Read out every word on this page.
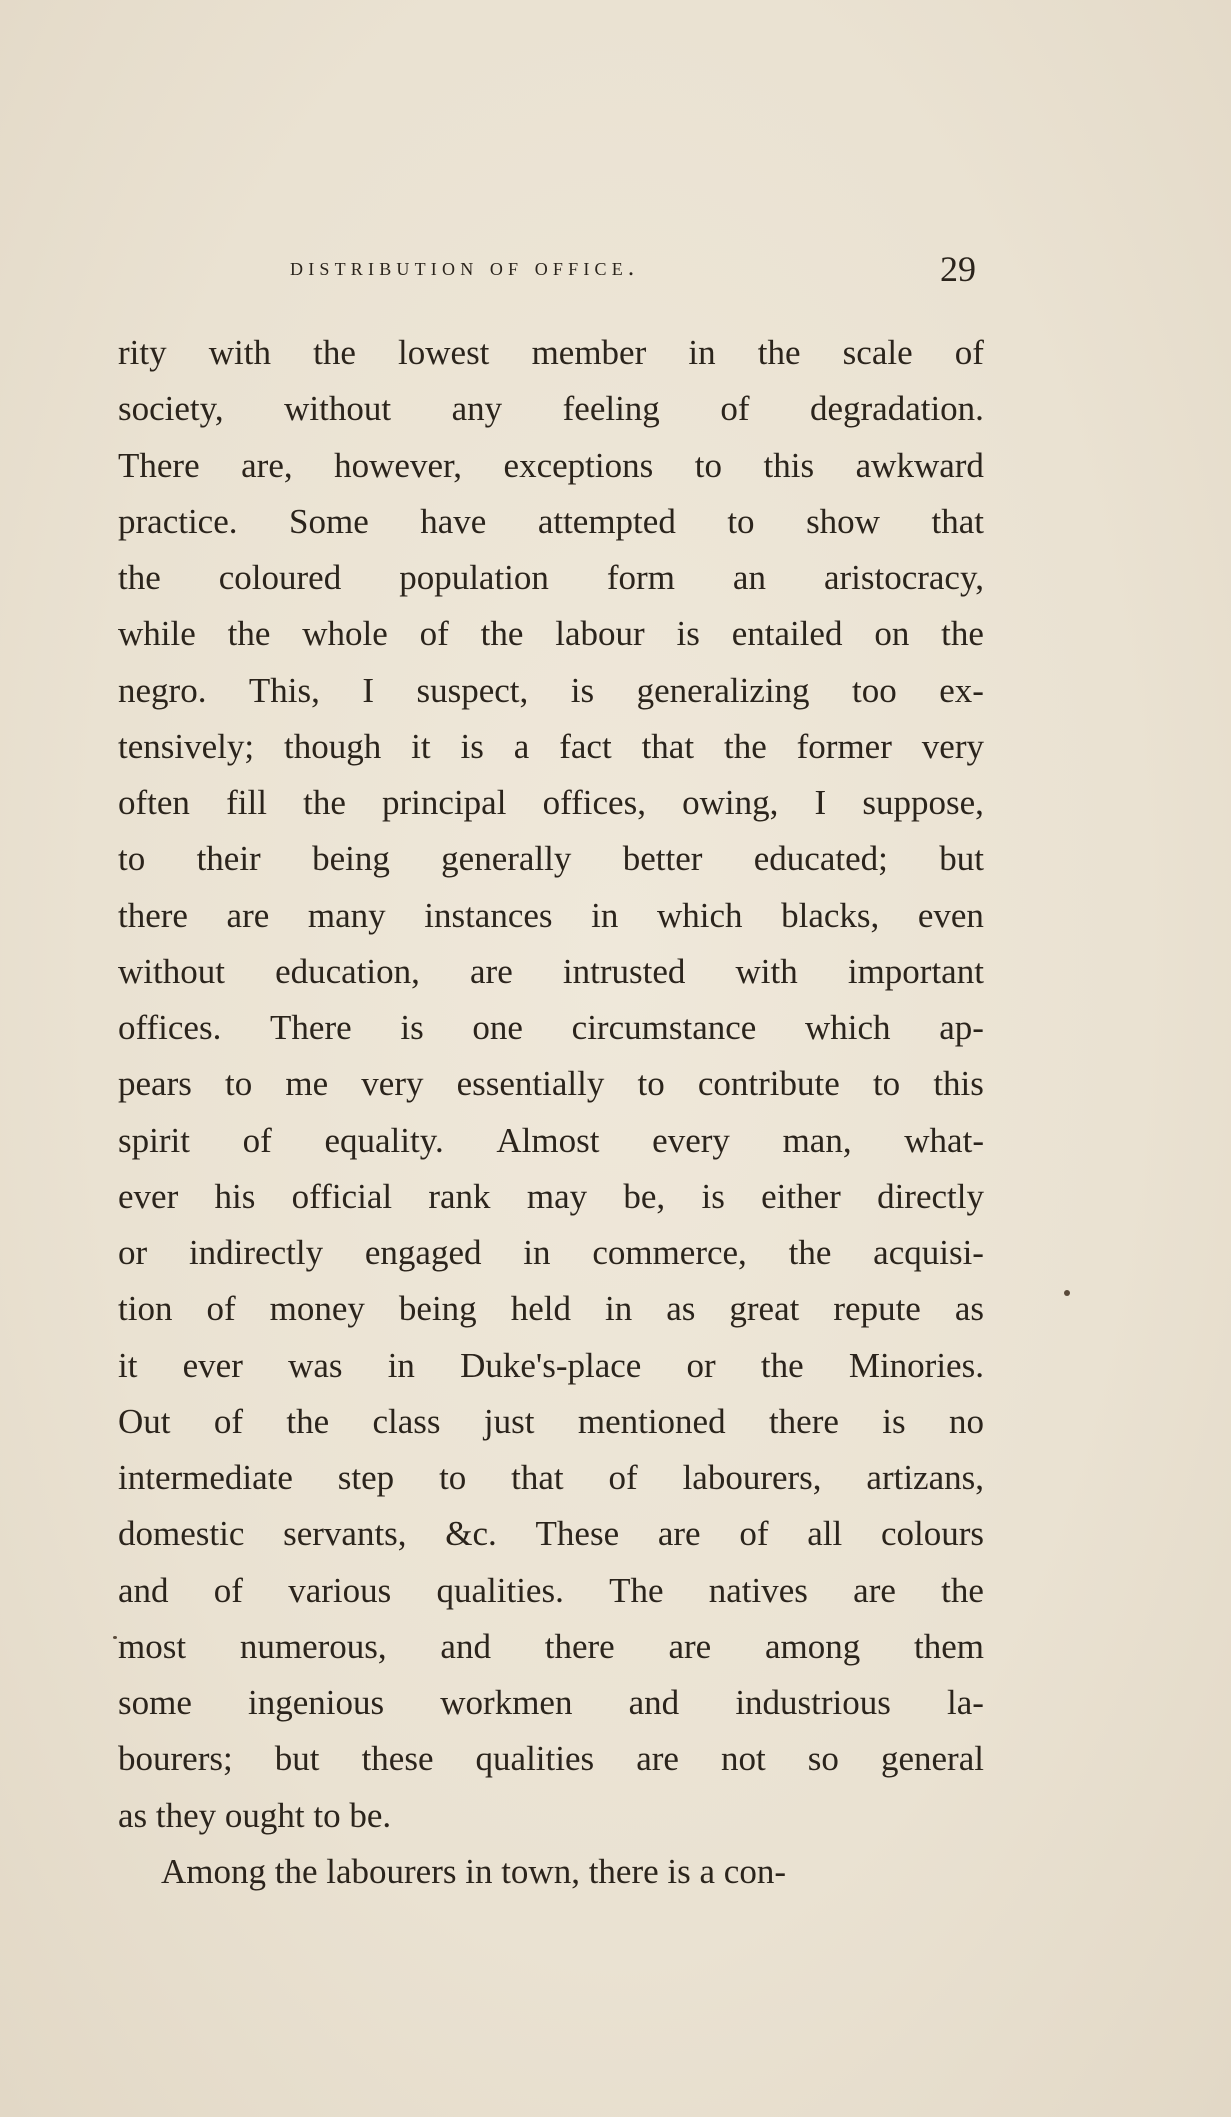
distribution of office.	29
rity with the lowest member in the scale of
society, without any feeling of degradation.
There are, however, exceptions to this awkward
practice. Some have attempted to show that
the coloured population form an aristocracy,
while the whole of the labour is entailed on the
negro. This, I suspect, is generalizing too ex-
tensively; though it is a fact that the former very
often fill the principal offices, owing, I suppose,
to their being generally better educated; but
there are many instances in which blacks, even
without education, are intrusted with important
offices. There is one circumstance which ap-
pears to me very essentially to contribute to this
spirit of equality. Almost every man, what-
ever his official rank may be, is either directly
or indirectly engaged in commerce, the acquisi-
tion of money being held in as great repute as
it ever was in Duke's-place or the Minories.
Out of the class just mentioned there is no
intermediate step to that of labourers, artizans,
domestic servants, &c. These are of all colours
and of various qualities. The natives are the
most numerous, and there are among them
some ingenious workmen and industrious la-
bourers; but these qualities are not so general
as they ought to be.
Among the labourers in town, there is a con-
